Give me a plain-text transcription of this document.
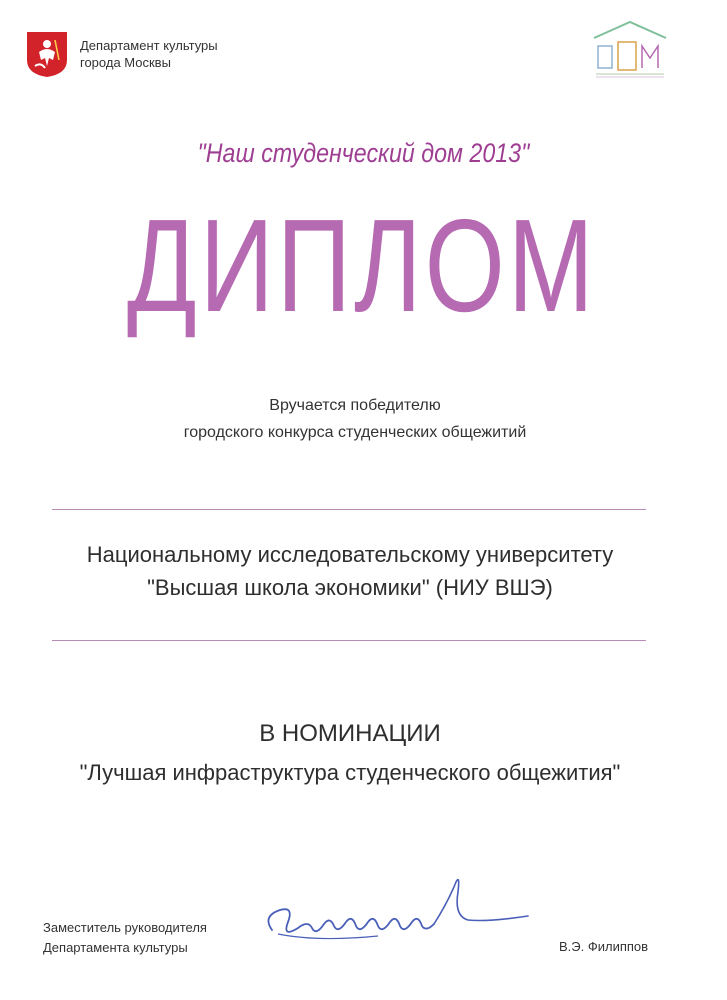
Департамент культуры
города Москвы
"Наш студенческий дом 2013"
ДИПЛОМ
Вручается победителю
городского конкурса студенческих общежитий
Национальному исследовательскому университету
"Высшая школа экономики" (НИУ ВШЭ)
В НОМИНАЦИИ
"Лучшая инфраструктура студенческого общежития"
Заместитель руководителя
Департамента культуры	В.Э. Филиппов
